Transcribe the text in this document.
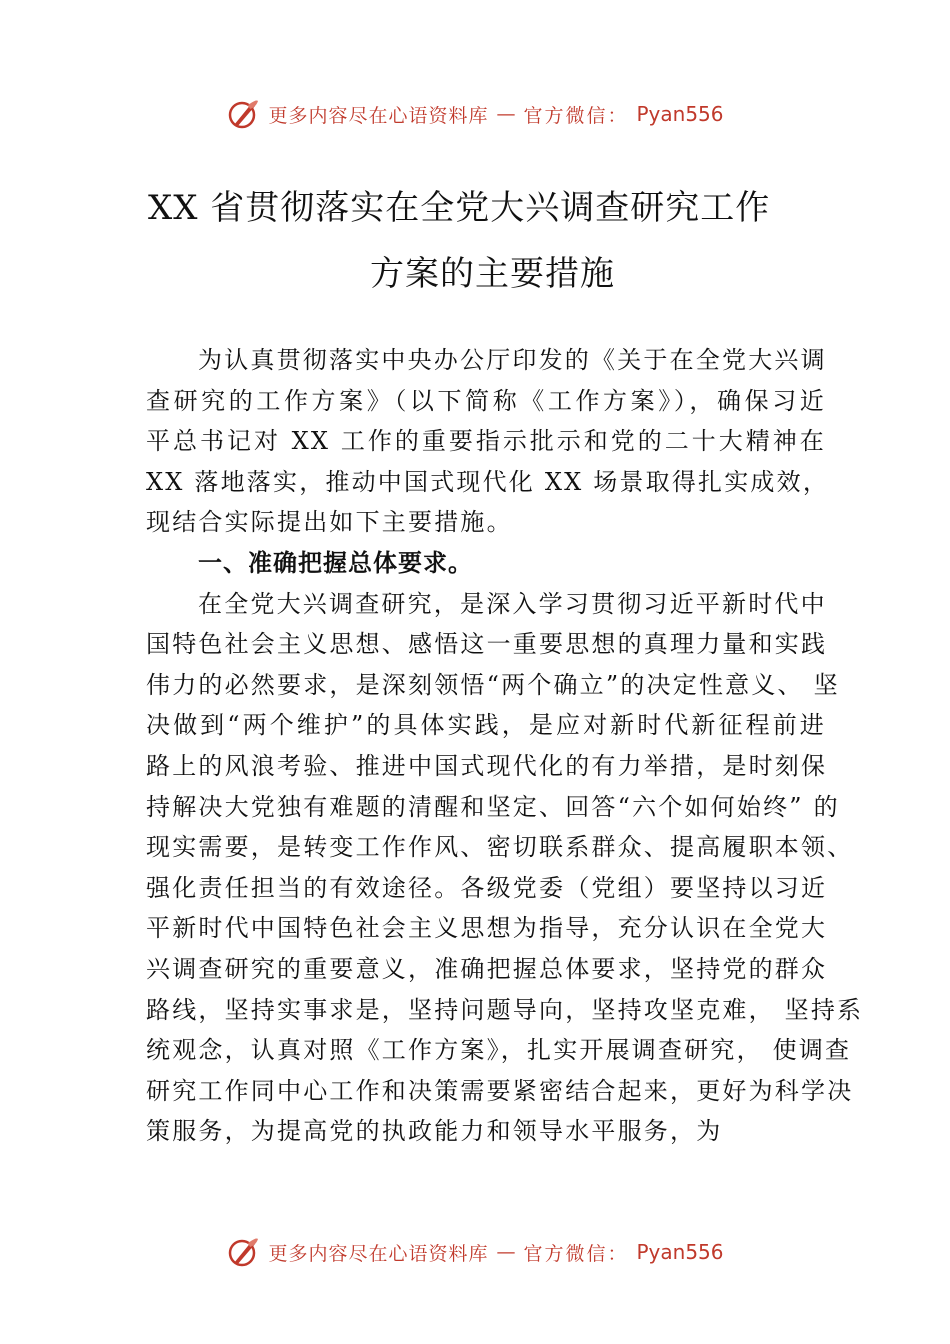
更多内容尽在心语资料库 — 官方微信： Pyan556
XX 省贯彻落实在全党大兴调查研究工作
方案的主要措施
为认真贯彻落实中央办公厅印发的《关于在全党大兴调
查研究的工作方案》（以下简称《工作方案》），确保习近
平总书记对 XX 工作的重要指示批示和党的二十大精神在
XX 落地落实，推动中国式现代化 XX 场景取得扎实成效，
现结合实际提出如下主要措施。
一、准确把握总体要求。
在全党大兴调查研究，是深入学习贯彻习近平新时代中
国特色社会主义思想、感悟这一重要思想的真理力量和实践
伟力的必然要求，是深刻领悟“两个确立”的决定性意义、 坚
决做到“两个维护”的具体实践，是应对新时代新征程前进
路上的风浪考验、推进中国式现代化的有力举措，是时刻保
持解决大党独有难题的清醒和坚定、回答“六个如何始终” 的
现实需要，是转变工作作风、密切联系群众、提高履职本领、
强化责任担当的有效途径。各级党委（党组）要坚持以习近
平新时代中国特色社会主义思想为指导，充分认识在全党大
兴调查研究的重要意义，准确把握总体要求，坚持党的群众
路线，坚持实事求是，坚持问题导向，坚持攻坚克难， 坚持系
统观念，认真对照《工作方案》，扎实开展调查研究， 使调查
研究工作同中心工作和决策需要紧密结合起来，更好为科学决
策服务，为提高党的执政能力和领导水平服务，为
更多内容尽在心语资料库 — 官方微信： Pyan556
